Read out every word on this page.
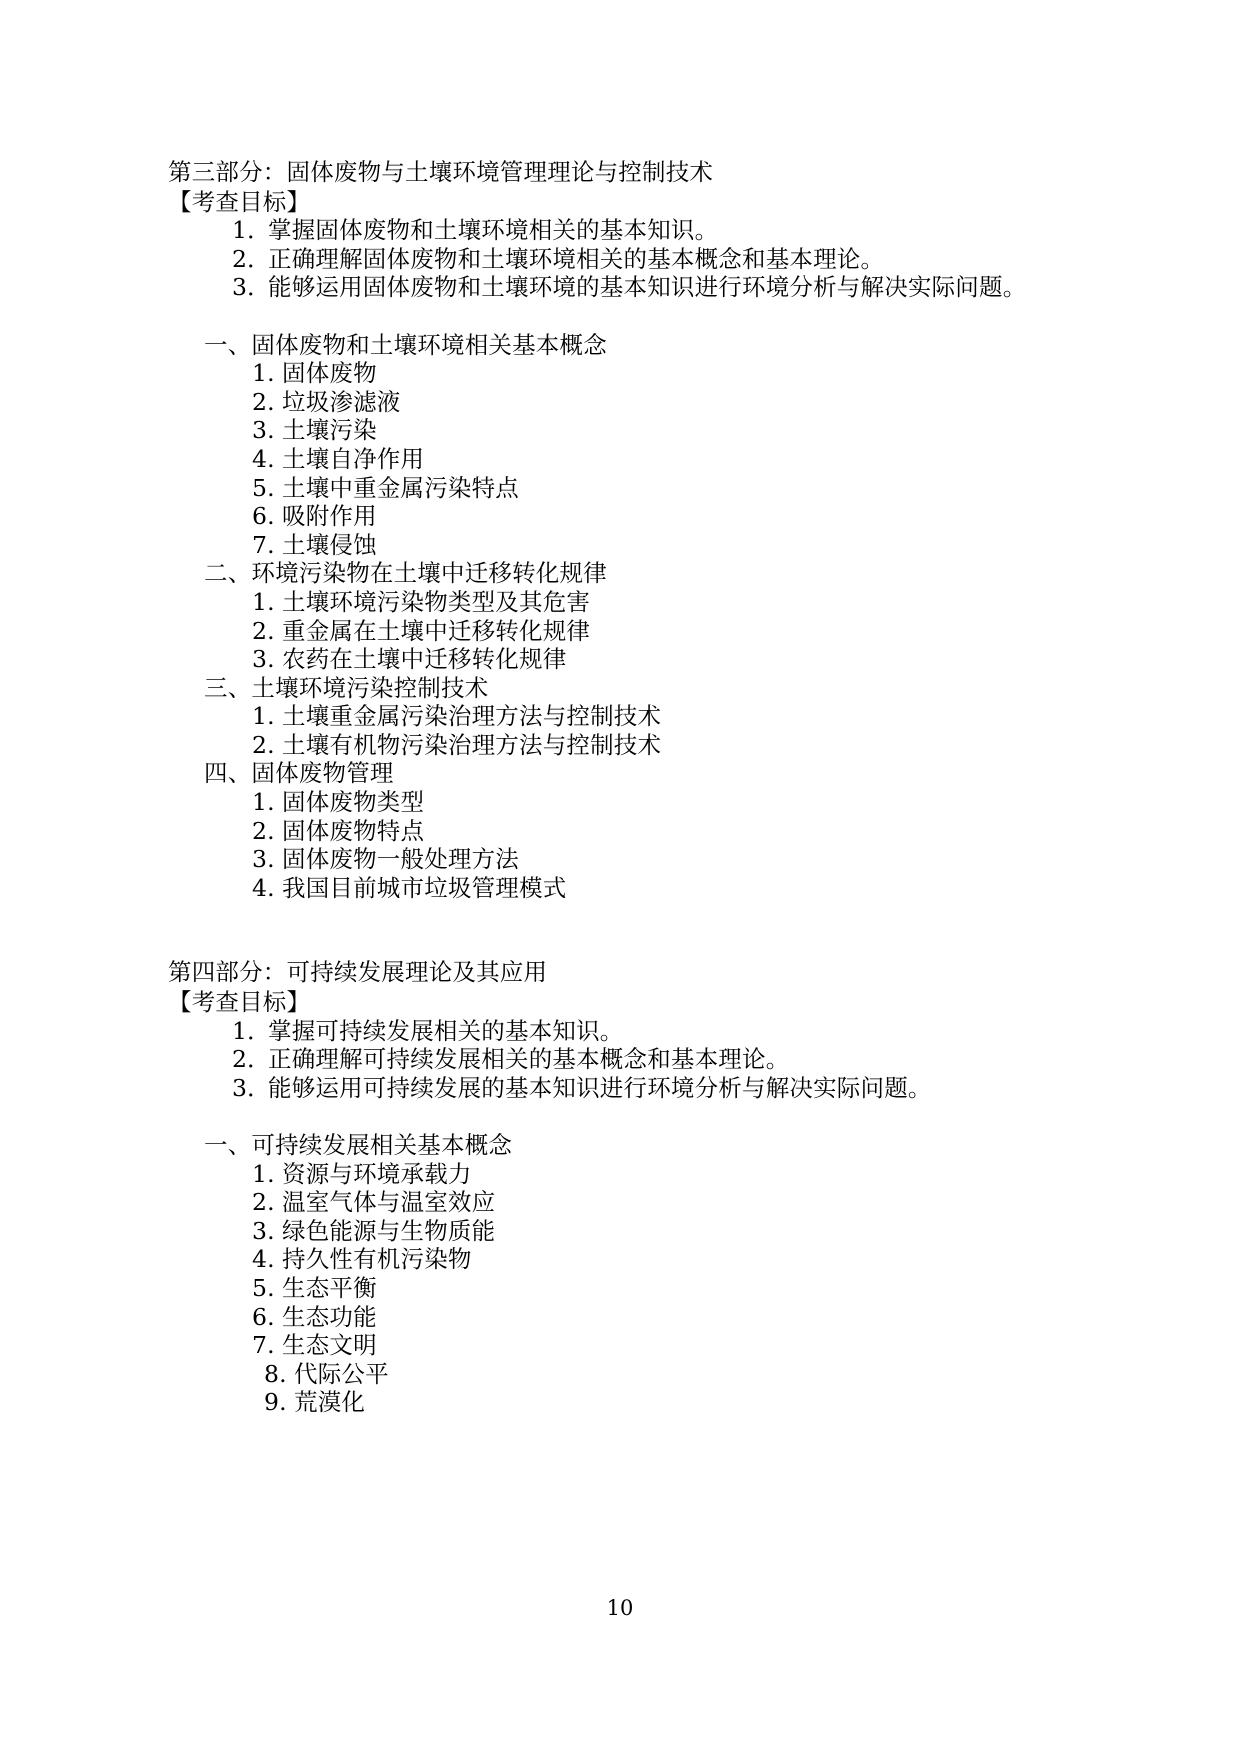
第三部分：固体废物与土壤环境管理理论与控制技术
【考查目标】
1．掌握固体废物和土壤环境相关的基本知识。
2．正确理解固体废物和土壤环境相关的基本概念和基本理论。
3．能够运用固体废物和土壤环境的基本知识进行环境分析与解决实际问题。
一、固体废物和土壤环境相关基本概念
1. 固体废物
2. 垃圾渗滤液
3. 土壤污染
4. 土壤自净作用
5. 土壤中重金属污染特点
6. 吸附作用
7. 土壤侵蚀
二、环境污染物在土壤中迁移转化规律
1. 土壤环境污染物类型及其危害
2. 重金属在土壤中迁移转化规律
3. 农药在土壤中迁移转化规律
三、土壤环境污染控制技术
1. 土壤重金属污染治理方法与控制技术
2. 土壤有机物污染治理方法与控制技术
四、固体废物管理
1. 固体废物类型
2. 固体废物特点
3. 固体废物一般处理方法
4. 我国目前城市垃圾管理模式
第四部分：可持续发展理论及其应用
【考查目标】
1．掌握可持续发展相关的基本知识。
2．正确理解可持续发展相关的基本概念和基本理论。
3．能够运用可持续发展的基本知识进行环境分析与解决实际问题。
一、可持续发展相关基本概念
1. 资源与环境承载力
2. 温室气体与温室效应
3. 绿色能源与生物质能
4. 持久性有机污染物
5. 生态平衡
6. 生态功能
7. 生态文明
8. 代际公平
9. 荒漠化
10
